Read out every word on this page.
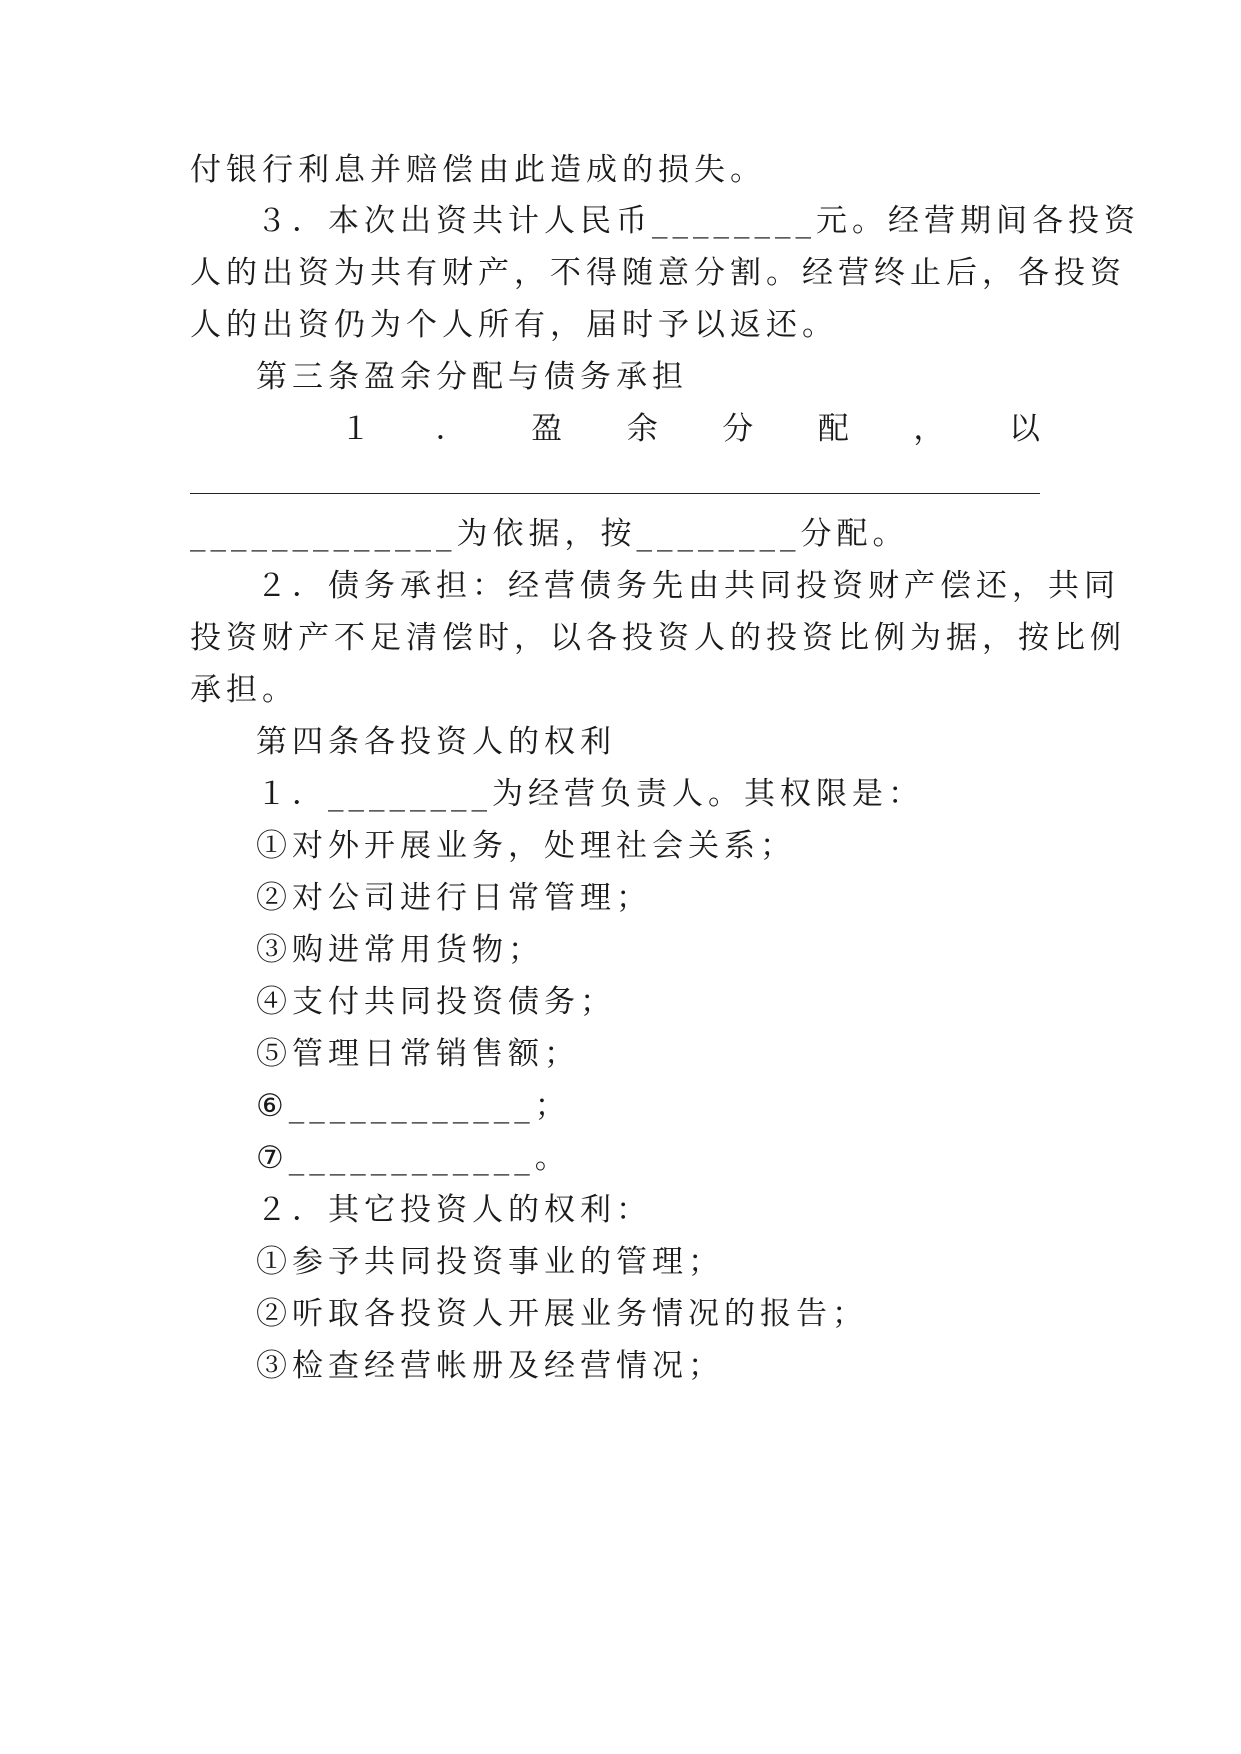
付银行利息并赔偿由此造成的损失。
３．本次出资共计人民币________元。经营期间各投资
人的出资为共有财产，不得随意分割。经营终止后，各投资
人的出资仍为个人所有，届时予以返还。
第三条盈余分配与债务承担
１ ． 盈 余 分 配 ， 以
_____________为依据，按________分配。
２．债务承担：经营债务先由共同投资财产偿还，共同
投资财产不足清偿时，以各投资人的投资比例为据，按比例
承担。
第四条各投资人的权利
１．________为经营负责人。其权限是：
①对外开展业务，处理社会关系；
②对公司进行日常管理；
③购进常用货物；
④支付共同投资债务；
⑤管理日常销售额；
⑥____________；
⑦____________。
２．其它投资人的权利：
①参予共同投资事业的管理；
②听取各投资人开展业务情况的报告；
③检查经营帐册及经营情况；
